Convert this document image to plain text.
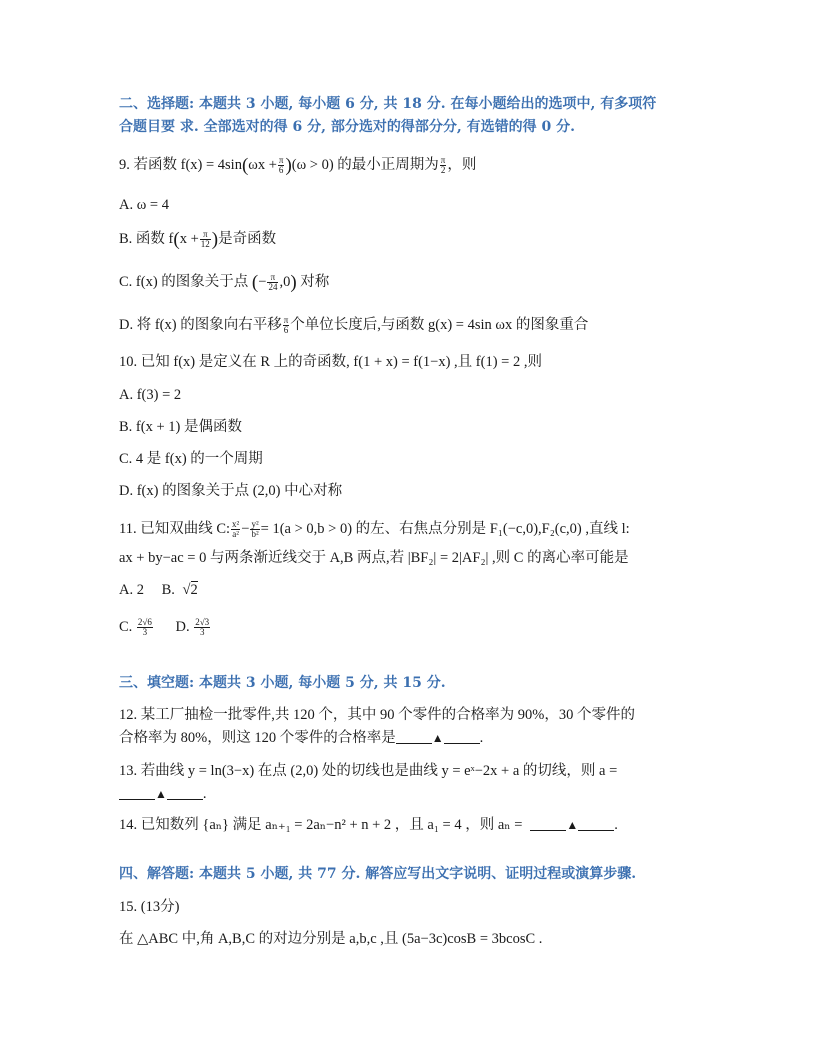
二、选择题: 本题共 3 小题, 每小题 6 分, 共 18 分. 在每小题给出的选项中, 有多项符
合题目要 求. 全部选对的得 6 分, 部分选对的得部分分, 有选错的得 0 分.
9. 若函数 $f(x) = 4\sin(\omega x + \frac{\pi}{6} )(\omega > 0)$ 的最小正周期为 $\frac{\pi}{2}$ ，则
A. ω = 4
B. 函数 $f(x + \frac{\pi}{12}$ )是奇函数
C. f(x) 的图象关于点 (− $\frac{\pi}{24} ,0$) 对称
D. 将 f(x) 的图象向右平移 $\frac{\pi}{6}$ 个单位长度后,与函数 g(x) = 4sin ωx 的图象重合
10. 已知 f(x) 是定义在 R 上的奇函数, f(1 + x) = f(1−x) ,且 f(1) = 2 ,则
A. f(3) = 2
B. f(x + 1) 是偶函数
C. 4 是 f(x) 的一个周期
D. f(x) 的图象关于点 (2,0) 中心对称
11. 已知双曲线 C: $\frac{\text{x²}}{\text{a²}} - \frac{\text{y²}}{\text{b²}} = 1(a > 0,b > 0)$ 的左、右焦点分别是 F₁(−c,0),F₂(c,0) ,直线 l:
ax + by−ac = 0 与两条渐近线交于 A,B 两点,若 |BF₂| = 2|AF₂| ,则 C 的离心率可能是
A. 2 B. √2
C. $\frac{2√6}{3} D$. $\frac{2√3}{3}$
三、填空题: 本题共 3 小题, 每小题 5 分, 共 15 分.
12. 某工厂抽检一批零件,共 120 个，其中 90 个零件的合格率为 90%，30 个零件的
合格率为 80%，则这 120 个零件的合格率是	▲ .
13. 若曲线 y = ln(3−x) 在点 (2,0) 处的切线也是曲线 y = eˣ−2x + a 的切线，则 a =
▲ .
14. 已知数列 {aₙ} 满足 aₙ₊₁ = 2aₙ−n² + n + 2 ，且 a₁ = 4 ，则 aₙ =	▲ .
四、解答题: 本题共 5 小题, 共 77 分. 解答应写出文字说明、证明过程或演算步骤.
15. (13分)
在 △ABC 中,角 A,B,C 的对边分别是 a,b,c ,且 (5a−3c)cosB = 3bcosC .
